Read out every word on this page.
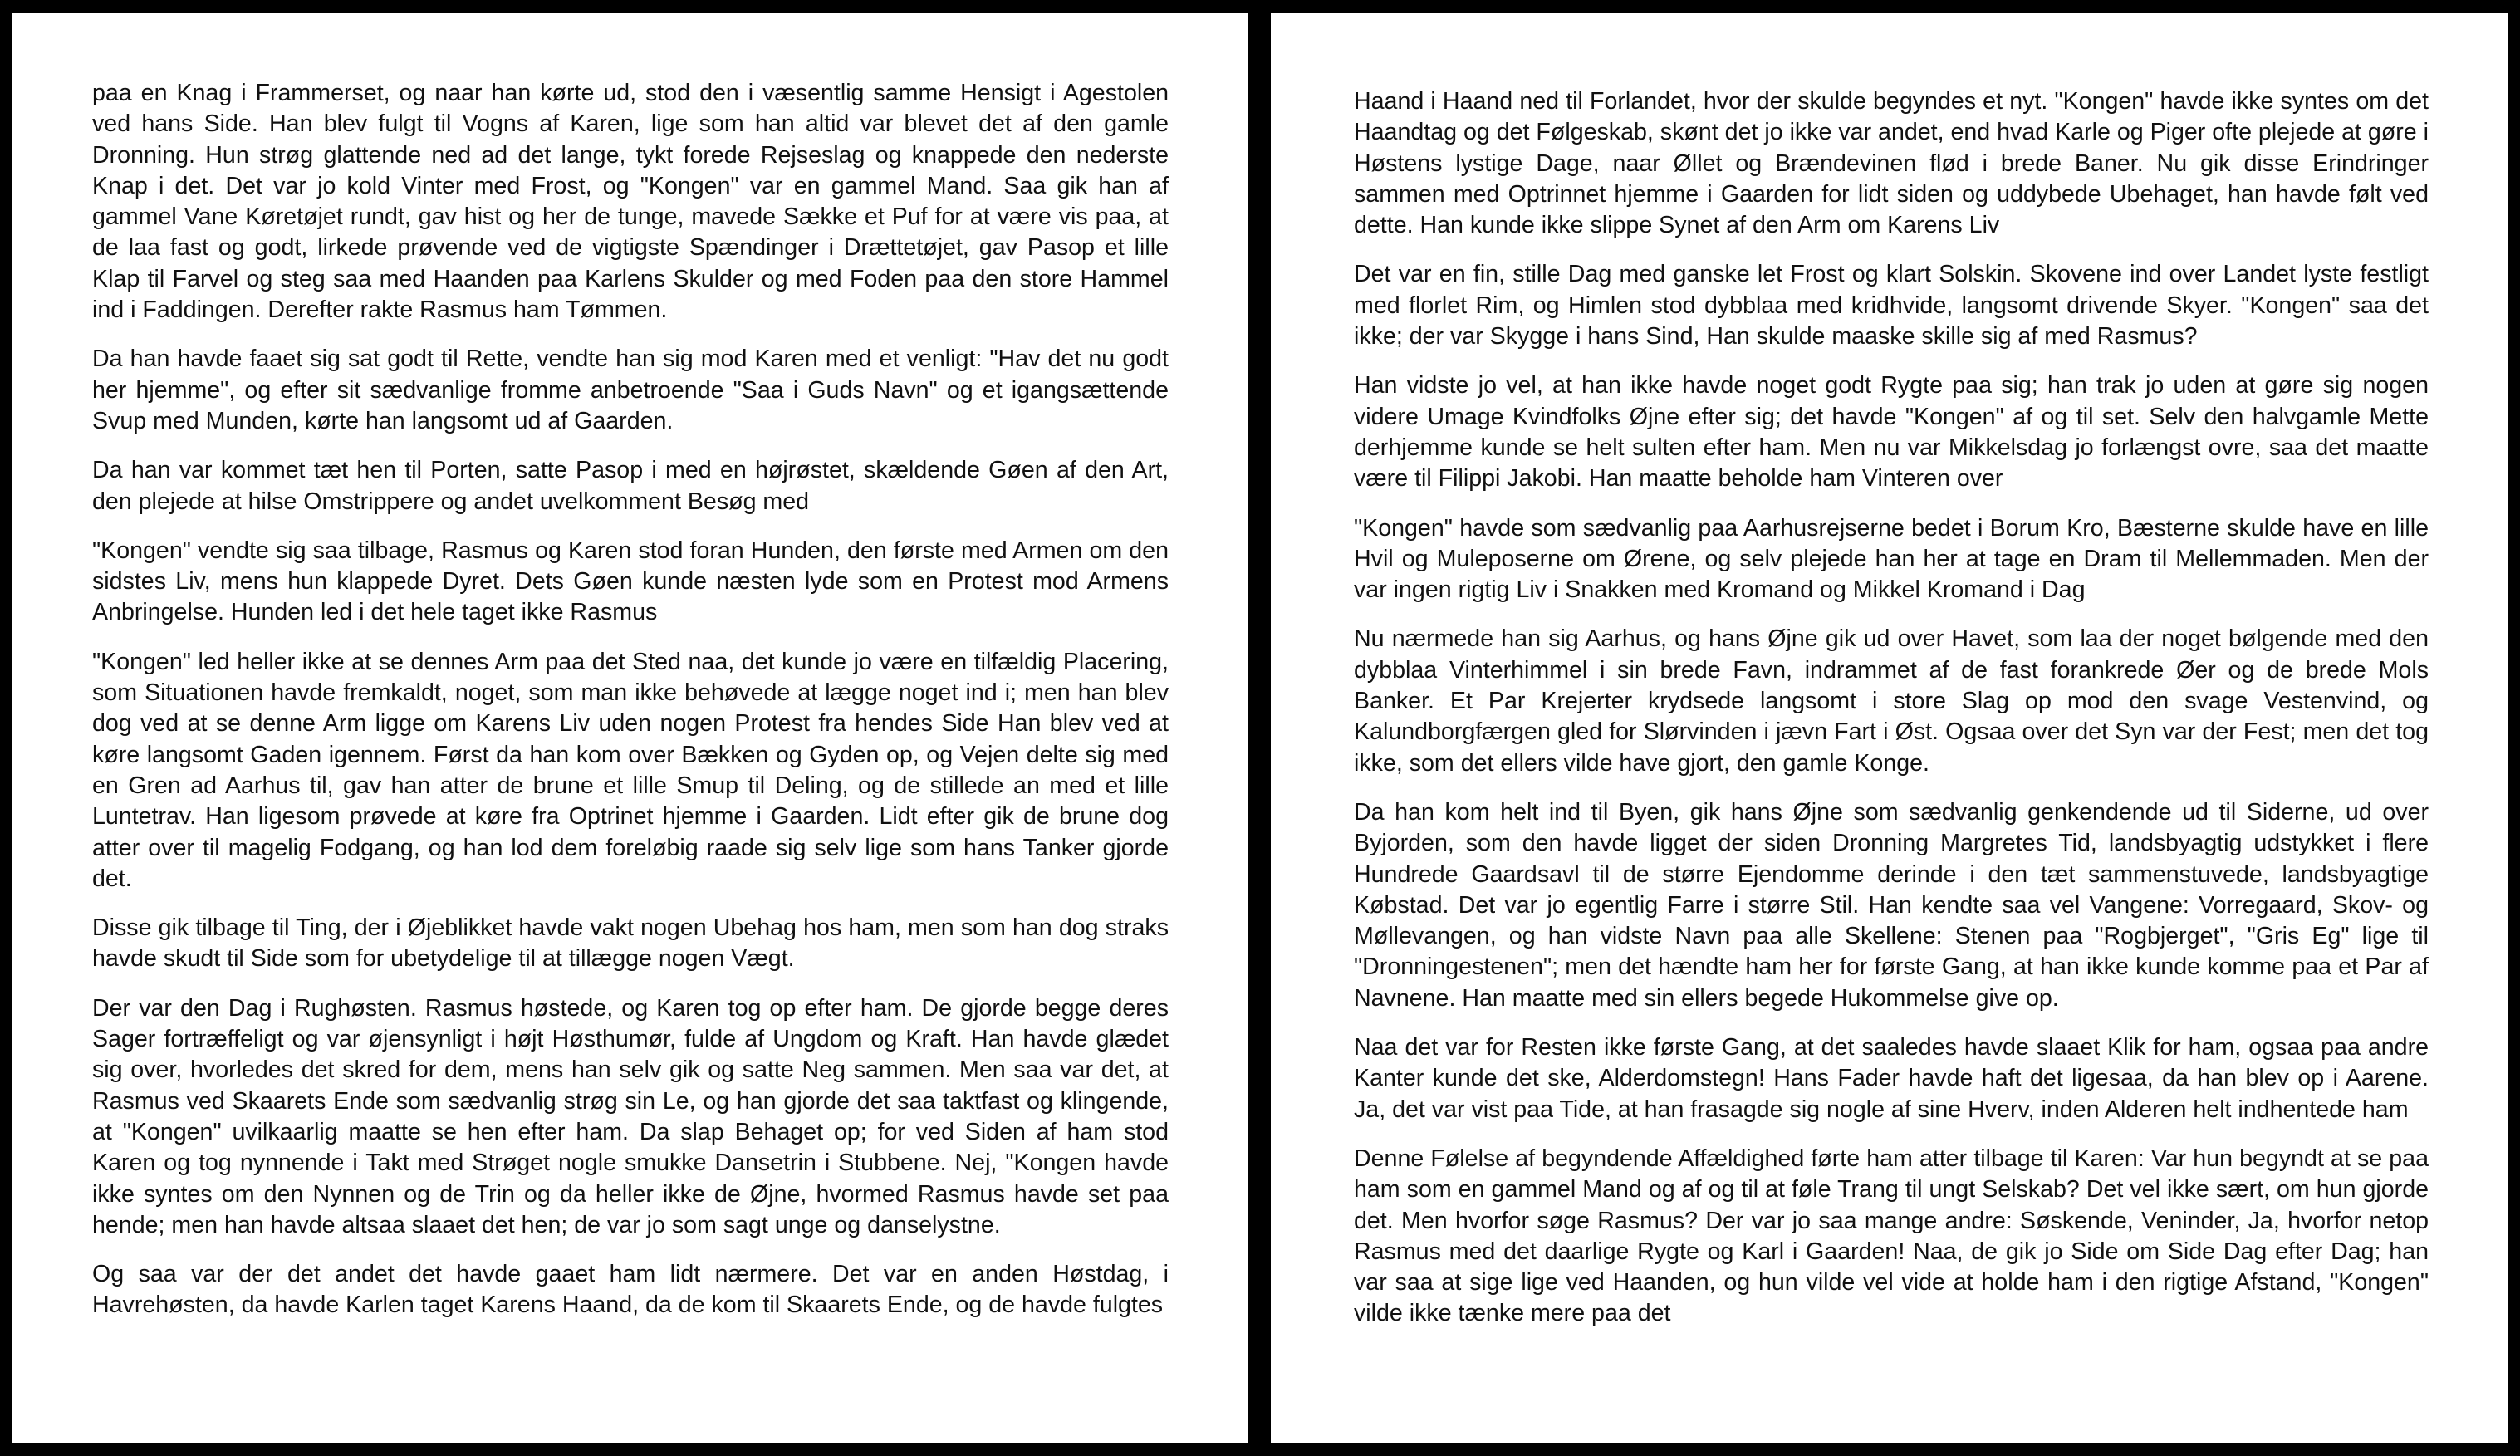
paa en Knag i Frammerset, og naar han kørte ud, stod den i væsentlig samme Hensigt i Agestolen ved hans Side. Han blev fulgt til Vogns af Karen, lige som han altid var blevet det af den gamle Dronning. Hun strøg glattende ned ad det lange, tykt forede Rejseslag og knappede den nederste Knap i det. Det var jo kold Vinter med Frost, og "Kongen" var en gammel Mand. Saa gik han af gammel Vane Køretøjet rundt, gav hist og her de tunge, mavede Sække et Puf for at være vis paa, at de laa fast og godt, lirkede prøvende ved de vigtigste Spændinger i Drættetøjet, gav Pasop et lille Klap til Farvel og steg saa med Haanden paa Karlens Skulder og med Foden paa den store Hammel ind i Faddingen. Derefter rakte Rasmus ham Tømmen.

Da han havde faaet sig sat godt til Rette, vendte han sig mod Karen med et venligt: "Hav det nu godt her hjemme", og efter sit sædvanlige fromme anbetroende "Saa i Guds Navn" og et igangsættende Svup med Munden, kørte han langsomt ud af Gaarden.

Da han var kommet tæt hen til Porten, satte Pasop i med en højrøstet, skældende Gøen af den Art, den plejede at hilse Omstrippere og andet uvelkomment Besøg med

"Kongen" vendte sig saa tilbage, Rasmus og Karen stod foran Hunden, den første med Armen om den sidstes Liv, mens hun klappede Dyret. Dets Gøen kunde næsten lyde som en Protest mod Armens Anbringelse. Hunden led i det hele taget ikke Rasmus

"Kongen" led heller ikke at se dennes Arm paa det Sted naa, det kunde jo være en tilfældig Placering, som Situationen havde fremkaldt, noget, som man ikke behøvede at lægge noget ind i; men han blev dog ved at se denne Arm ligge om Karens Liv uden nogen Protest fra hendes Side Han blev ved at køre langsomt Gaden igennem. Først da han kom over Bækken og Gyden op, og Vejen delte sig med en Gren ad Aarhus til, gav han atter de brune et lille Smup til Deling, og de stillede an med et lille Luntetrav. Han ligesom prøvede at køre fra Optrinet hjemme i Gaarden. Lidt efter gik de brune dog atter over til magelig Fodgang, og han lod dem foreløbig raade sig selv lige som hans Tanker gjorde det.

Disse gik tilbage til Ting, der i Øjeblikket havde vakt nogen Ubehag hos ham, men som han dog straks havde skudt til Side som for ubetydelige til at tillægge nogen Vægt.

Der var den Dag i Rughøsten. Rasmus høstede, og Karen tog op efter ham. De gjorde begge deres Sager fortræffeligt og var øjensynligt i højt Høsthumør, fulde af Ungdom og Kraft. Han havde glædet sig over, hvorledes det skred for dem, mens han selv gik og satte Neg sammen. Men saa var det, at Rasmus ved Skaarets Ende som sædvanlig strøg sin Le, og han gjorde det saa taktfast og klingende, at "Kongen" uvilkaarlig maatte se hen efter ham. Da slap Behaget op; for ved Siden af ham stod Karen og tog nynnende i Takt med Strøget nogle smukke Dansetrin i Stubbene. Nej, "Kongen havde ikke syntes om den Nynnen og de Trin og da heller ikke de Øjne, hvormed Rasmus havde set paa hende; men han havde altsaa slaaet det hen; de var jo som sagt unge og danselystne.

Og saa var der det andet det havde gaaet ham lidt nærmere. Det var en anden Høstdag, i Havrehøsten, da havde Karlen taget Karens Haand, da de kom til Skaarets Ende, og de havde fulgtes

Haand i Haand ned til Forlandet, hvor der skulde begyndes et nyt. "Kongen" havde ikke syntes om det Haandtag og det Følgeskab, skønt det jo ikke var andet, end hvad Karle og Piger ofte plejede at gøre i Høstens lystige Dage, naar Øllet og Brændevinen flød i brede Baner. Nu gik disse Erindringer sammen med Optrinnet hjemme i Gaarden for lidt siden og uddybede Ubehaget, han havde følt ved dette. Han kunde ikke slippe Synet af den Arm om Karens Liv

Det var en fin, stille Dag med ganske let Frost og klart Solskin. Skovene ind over Landet lyste festligt med florlet Rim, og Himlen stod dybblaa med kridhvide, langsomt drivende Skyer. "Kongen" saa det ikke; der var Skygge i hans Sind, Han skulde maaske skille sig af med Rasmus?

Han vidste jo vel, at han ikke havde noget godt Rygte paa sig; han trak jo uden at gøre sig nogen videre Umage Kvindfolks Øjne efter sig; det havde "Kongen" af og til set. Selv den halvgamle Mette derhjemme kunde se helt sulten efter ham. Men nu var Mikkelsdag jo forlængst ovre, saa det maatte være til Filippi Jakobi. Han maatte beholde ham Vinteren over

"Kongen" havde som sædvanlig paa Aarhusrejserne bedet i Borum Kro, Bæsterne skulde have en lille Hvil og Muleposerne om Ørene, og selv plejede han her at tage en Dram til Mellemmaden. Men der var ingen rigtig Liv i Snakken med Kromand og Mikkel Kromand i Dag

Nu nærmede han sig Aarhus, og hans Øjne gik ud over Havet, som laa der noget bølgende med den dybblaa Vinterhimmel i sin brede Favn, indrammet af de fast forankrede Øer og de brede Mols Banker. Et Par Krejerter krydsede langsomt i store Slag op mod den svage Vestenvind, og Kalundborgfærgen gled for Slørvinden i jævn Fart i Øst. Ogsaa over det Syn var der Fest; men det tog ikke, som det ellers vilde have gjort, den gamle Konge.

Da han kom helt ind til Byen, gik hans Øjne som sædvanlig genkendende ud til Siderne, ud over Byjorden, som den havde ligget der siden Dronning Margretes Tid, landsbyagtig udstykket i flere Hundrede Gaardsavl til de større Ejendomme derinde i den tæt sammenstuvede, landsbyagtige Købstad. Det var jo egentlig Farre i større Stil. Han kendte saa vel Vangene: Vorregaard, Skov- og Møllevangen, og han vidste Navn paa alle Skellene: Stenen paa "Rogbjerget", "Gris Eg" lige til "Dronningestenen"; men det hændte ham her for første Gang, at han ikke kunde komme paa et Par af Navnene. Han maatte med sin ellers begede Hukommelse give op.

Naa det var for Resten ikke første Gang, at det saaledes havde slaaet Klik for ham, ogsaa paa andre Kanter kunde det ske, Alderdomstegn! Hans Fader havde haft det ligesaa, da han blev op i Aarene. Ja, det var vist paa Tide, at han frasagde sig nogle af sine Hverv, inden Alderen helt indhentede ham

Denne Følelse af begyndende Affældighed førte ham atter tilbage til Karen: Var hun begyndt at se paa ham som en gammel Mand og af og til at føle Trang til ungt Selskab? Det vel ikke sært, om hun gjorde det. Men hvorfor søge Rasmus? Der var jo saa mange andre: Søskende, Veninder, Ja, hvorfor netop Rasmus med det daarlige Rygte og Karl i Gaarden! Naa, de gik jo Side om Side Dag efter Dag; han var saa at sige lige ved Haanden, og hun vilde vel vide at holde ham i den rigtige Afstand, "Kongen" vilde ikke tænke mere paa det
